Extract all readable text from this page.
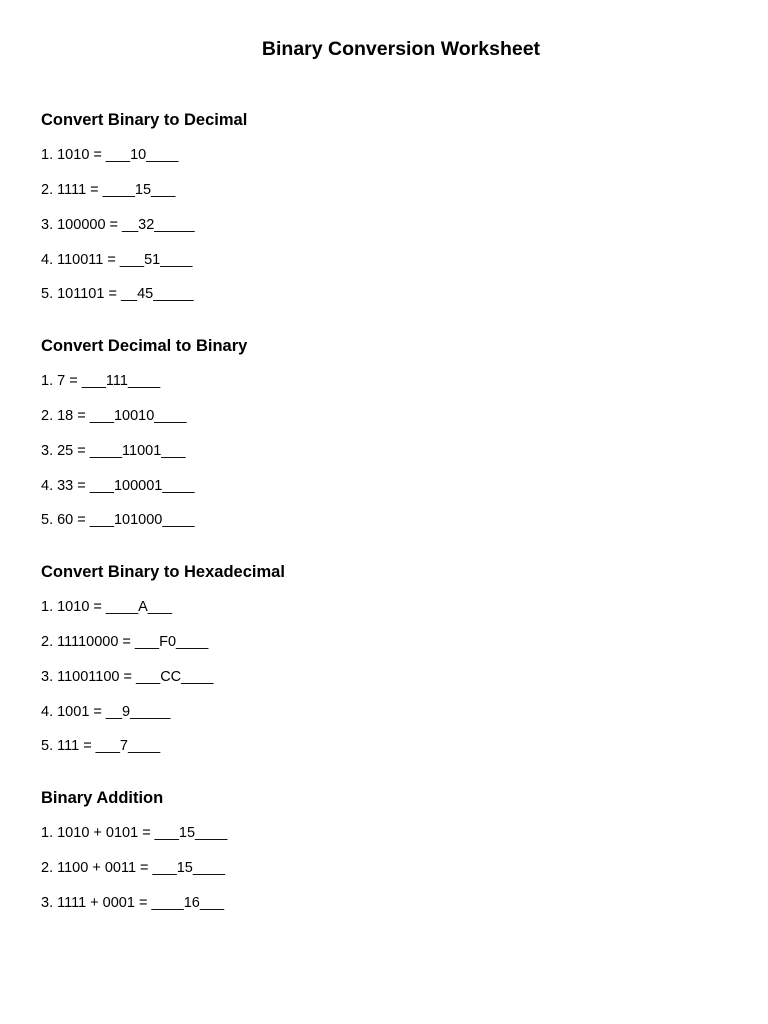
Binary Conversion Worksheet
Convert Binary to Decimal

1. 1010 = ___10____

2. 1111 = ____15___

3. 100000 = __32_____

4. 110011 = ___51____

5. 101101 = __45_____

Convert Decimal to Binary

1. 7 = ___111____

2. 18 = ___10010____

3. 25 = ____11001___

4. 33 = ___100001____

5. 60 = ___101000____

Convert Binary to Hexadecimal

1. 1010 = ____A___

2. 11110000 = ___F0____

3. 11001100 = ___CC____

4. 1001 = __9_____

5. 111 = ___7____

Binary Addition

1. 1010 + 0101 = ___15____

2. 1100 + 0011 = ___15____

3. 1111 + 0001 = ____16___
